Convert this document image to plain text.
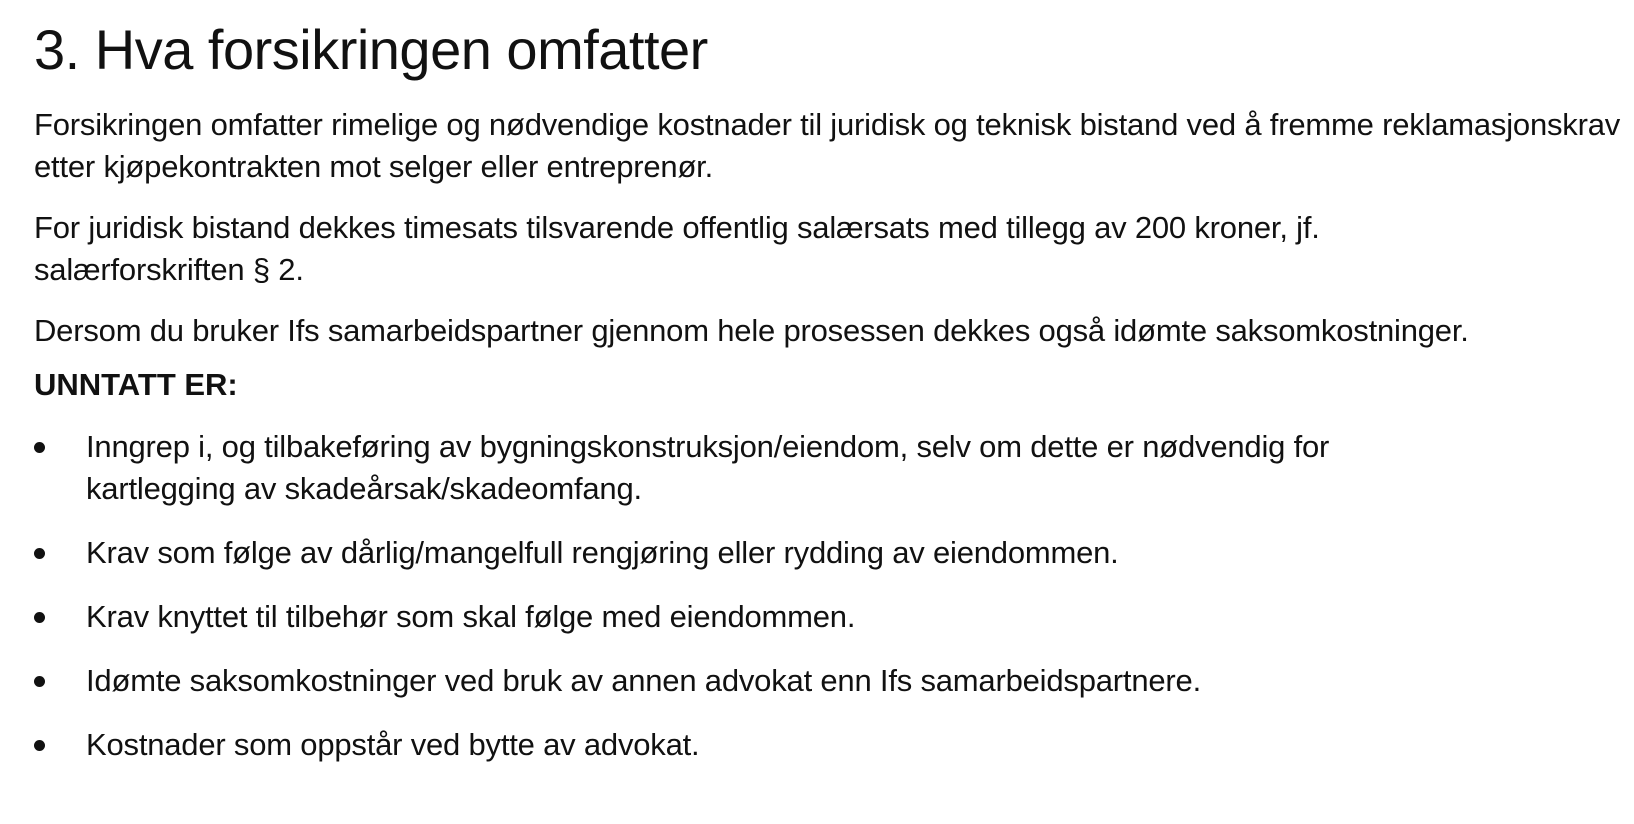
3. Hva forsikringen omfatter

Forsikringen omfatter rimelige og nødvendige kostnader til juridisk og teknisk bistand ved å fremme reklamasjonskrav etter kjøpekontrakten mot selger eller entreprenør.

For juridisk bistand dekkes timesats tilsvarende offentlig salærsats med tillegg av 200 kroner, jf. salærforskriften § 2.

Dersom du bruker Ifs samarbeidspartner gjennom hele prosessen dekkes også idømte saksomkostninger.

UNNTATT ER:
Inngrep i, og tilbakeføring av bygningskonstruksjon/eiendom, selv om dette er nødvendig for kartlegging av skadeårsak/skadeomfang.
Krav som følge av dårlig/mangelfull rengjøring eller rydding av eiendommen.
Krav knyttet til tilbehør som skal følge med eiendommen.
Idømte saksomkostninger ved bruk av annen advokat enn Ifs samarbeidspartnere.
Kostnader som oppstår ved bytte av advokat.
